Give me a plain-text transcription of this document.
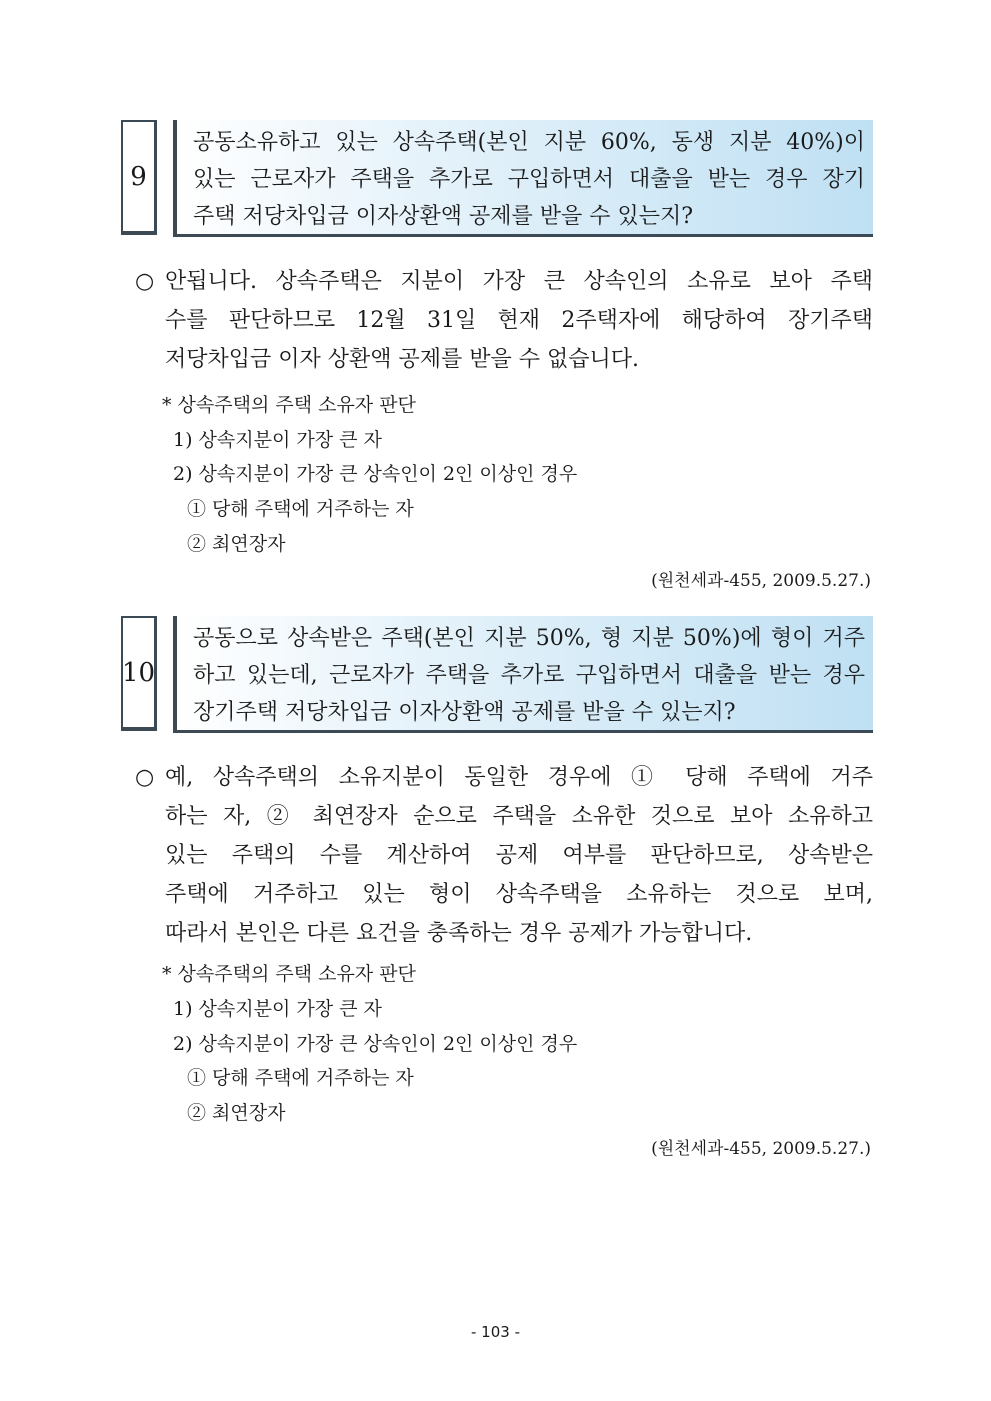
9
공동소유하고 있는 상속주택(본인 지분 60%, 동생 지분 40%)이
있는 근로자가 주택을 추가로 구입하면서 대출을 받는 경우 장기
주택 저당차입금 이자상환액 공제를 받을 수 있는지?
○ 안됩니다. 상속주택은 지분이 가장 큰 상속인의 소유로 보아 주택
수를 판단하므로 12월 31일 현재 2주택자에 해당하여 장기주택
저당차입금 이자 상환액 공제를 받을 수 없습니다.
* 상속주택의 주택 소유자 판단
1) 상속지분이 가장 큰 자
2) 상속지분이 가장 큰 상속인이 2인 이상인 경우
① 당해 주택에 거주하는 자
② 최연장자
(원천세과-455, 2009.5.27.)
10
공동으로 상속받은 주택(본인 지분 50%, 형 지분 50%)에 형이 거주
하고 있는데, 근로자가 주택을 추가로 구입하면서 대출을 받는 경우
장기주택 저당차입금 이자상환액 공제를 받을 수 있는지?
○ 예, 상속주택의 소유지분이 동일한 경우에 ① 당해 주택에 거주
하는 자, ② 최연장자 순으로 주택을 소유한 것으로 보아 소유하고
있는 주택의 수를 계산하여 공제 여부를 판단하므로, 상속받은
주택에 거주하고 있는 형이 상속주택을 소유하는 것으로 보며,
따라서 본인은 다른 요건을 충족하는 경우 공제가 가능합니다.
* 상속주택의 주택 소유자 판단
1) 상속지분이 가장 큰 자
2) 상속지분이 가장 큰 상속인이 2인 이상인 경우
① 당해 주택에 거주하는 자
② 최연장자
(원천세과-455, 2009.5.27.)
- 103 -
